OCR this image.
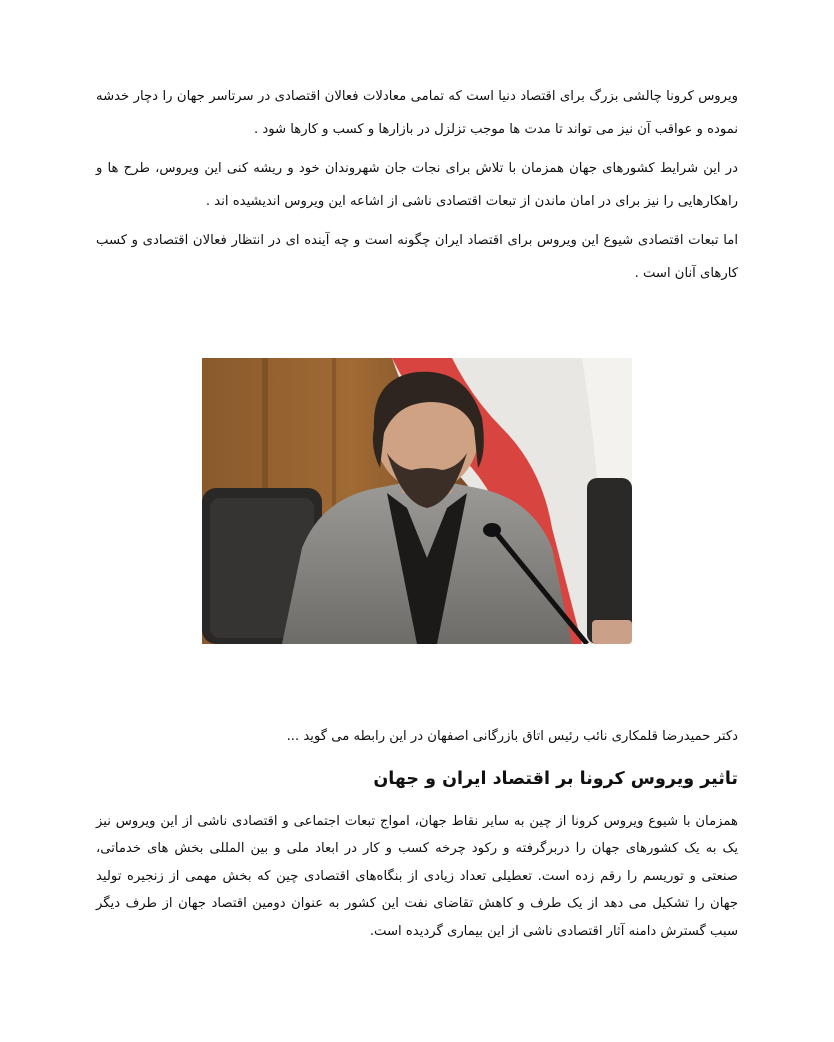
ویروس کرونا چالشی بزرگ برای اقتصاد دنیا است که تمامی معادلات فعالان اقتصادی در سرتاسر جهان را دچار خدشه نموده و عواقب آن نیز می تواند تا مدت ها موجب تزلزل در بازارها و کسب و کارها شود .

در این شرایط کشورهای جهان همزمان با تلاش برای نجات جان شهروندان خود و ریشه کنی این ویروس، طرح ها و راهکارهایی را نیز برای در امان ماندن از تبعات اقتصادی ناشی از اشاعه این ویروس اندیشیده اند .

اما تبعات اقتصادی شیوع این ویروس برای اقتصاد ایران چگونه است و چه آینده ای در انتظار فعالان اقتصادی و کسب کارهای آنان است .

دکتر حمیدرضا قلمکاری نائب رئیس اتاق بازرگانی اصفهان در این رابطه می گوید ...

تاثیر ویروس کرونا بر اقتصاد ایران و جهان

همزمان با شیوع ویروس کرونا از چین به سایر نقاط جهان، امواج تبعات اجتماعی و اقتصادی ناشی از این ویروس نیز یک به یک کشورهای جهان را دربرگرفته و رکود چرخه کسب و کار در ابعاد ملی و بین المللی بخش های خدماتی، صنعتی و توریسم را رقم زده است. تعطیلی تعداد زیادی از بنگاه‌های اقتصادی چین که بخش مهمی از زنجیره تولید جهان را تشکیل می دهد از یک طرف و کاهش تقاضای نفت این کشور به عنوان دومین اقتصاد جهان از طرف دیگر سبب گسترش دامنه آثار اقتصادی ناشی از این بیماری گردیده است.
